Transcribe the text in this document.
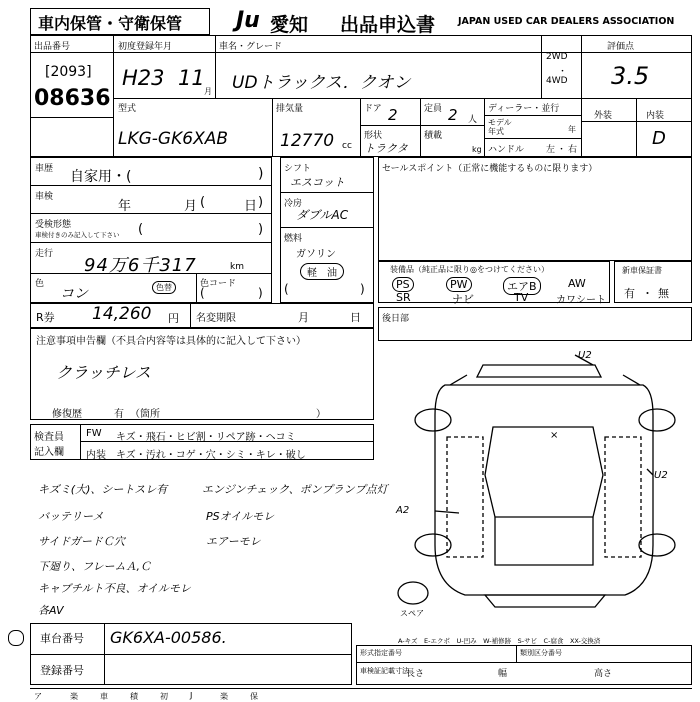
車内保管・守衛保管 Ju 愛知 出品申込書 JAPAN USED CAR DEALERS ASSOCIATION
出品番号
[2093]
08636
初度登録年月
H23 11
月
車名・グレード
UDトラックス．クオン
2WD
・
4WD
評価点
3.5
型式
LKG-GK6XAB
排気量
12770 cc
ドア 2	定員 2 人
形状
トラクタ
積載
kg
ディーラー・並行
モデル
年式	年
ハンドル 左 ・ 右
外装	内装
D
車歴 自家用・(	)
車検
年	月 (	日 )
受検形態
車検付きのみ記入して下さい (	)
走行
94万6千317	km
色
コン	色替	色コード
(	)
シフト
エスコット
冷房
ダブルAC
燃料
ガソリン
軽　油
(	)
セールスポイント（正常に機能するものに限ります）
装備品（純正品に限り◎をつけてください）
PS	PW	エアB	AW
SR	ナビ	TV	カワシート
新車保証書
有 ・ 無
R券 14,260 円 名変期限	月	日 後日部
注意事項申告欄（不具合内容等は具体的に記入して下さい）
クラッチレス
修復歴	有 （箇所	）
検査員
記入欄
FW キズ・飛石・ヒビ割・リペア跡・ヘコミ
内装 キズ・汚れ・コゲ・穴・シミ・キレ・破し
キズミ(大)、シートスレ有	エンジンチェック、ポンプランプ点灯
バッテリーメ	PSオイルモレ
サイドガードＣ穴	エアーモレ
下廻り、フレームＡ,Ｃ
キャブチルト不良、オイルモレ
各AV
×
U2
U2
A2
スペア
A-キズ　E-エクボ　U-凹み　W-補修跡　S-サビ　C-腐食　XX-交換済
車台番号 GK6XA-00586.
登録番号
形式指定番号	類別区分番号
車検証記載寸法
長さ	幅	高さ
ア	楽	車	積	初	J	楽	保
